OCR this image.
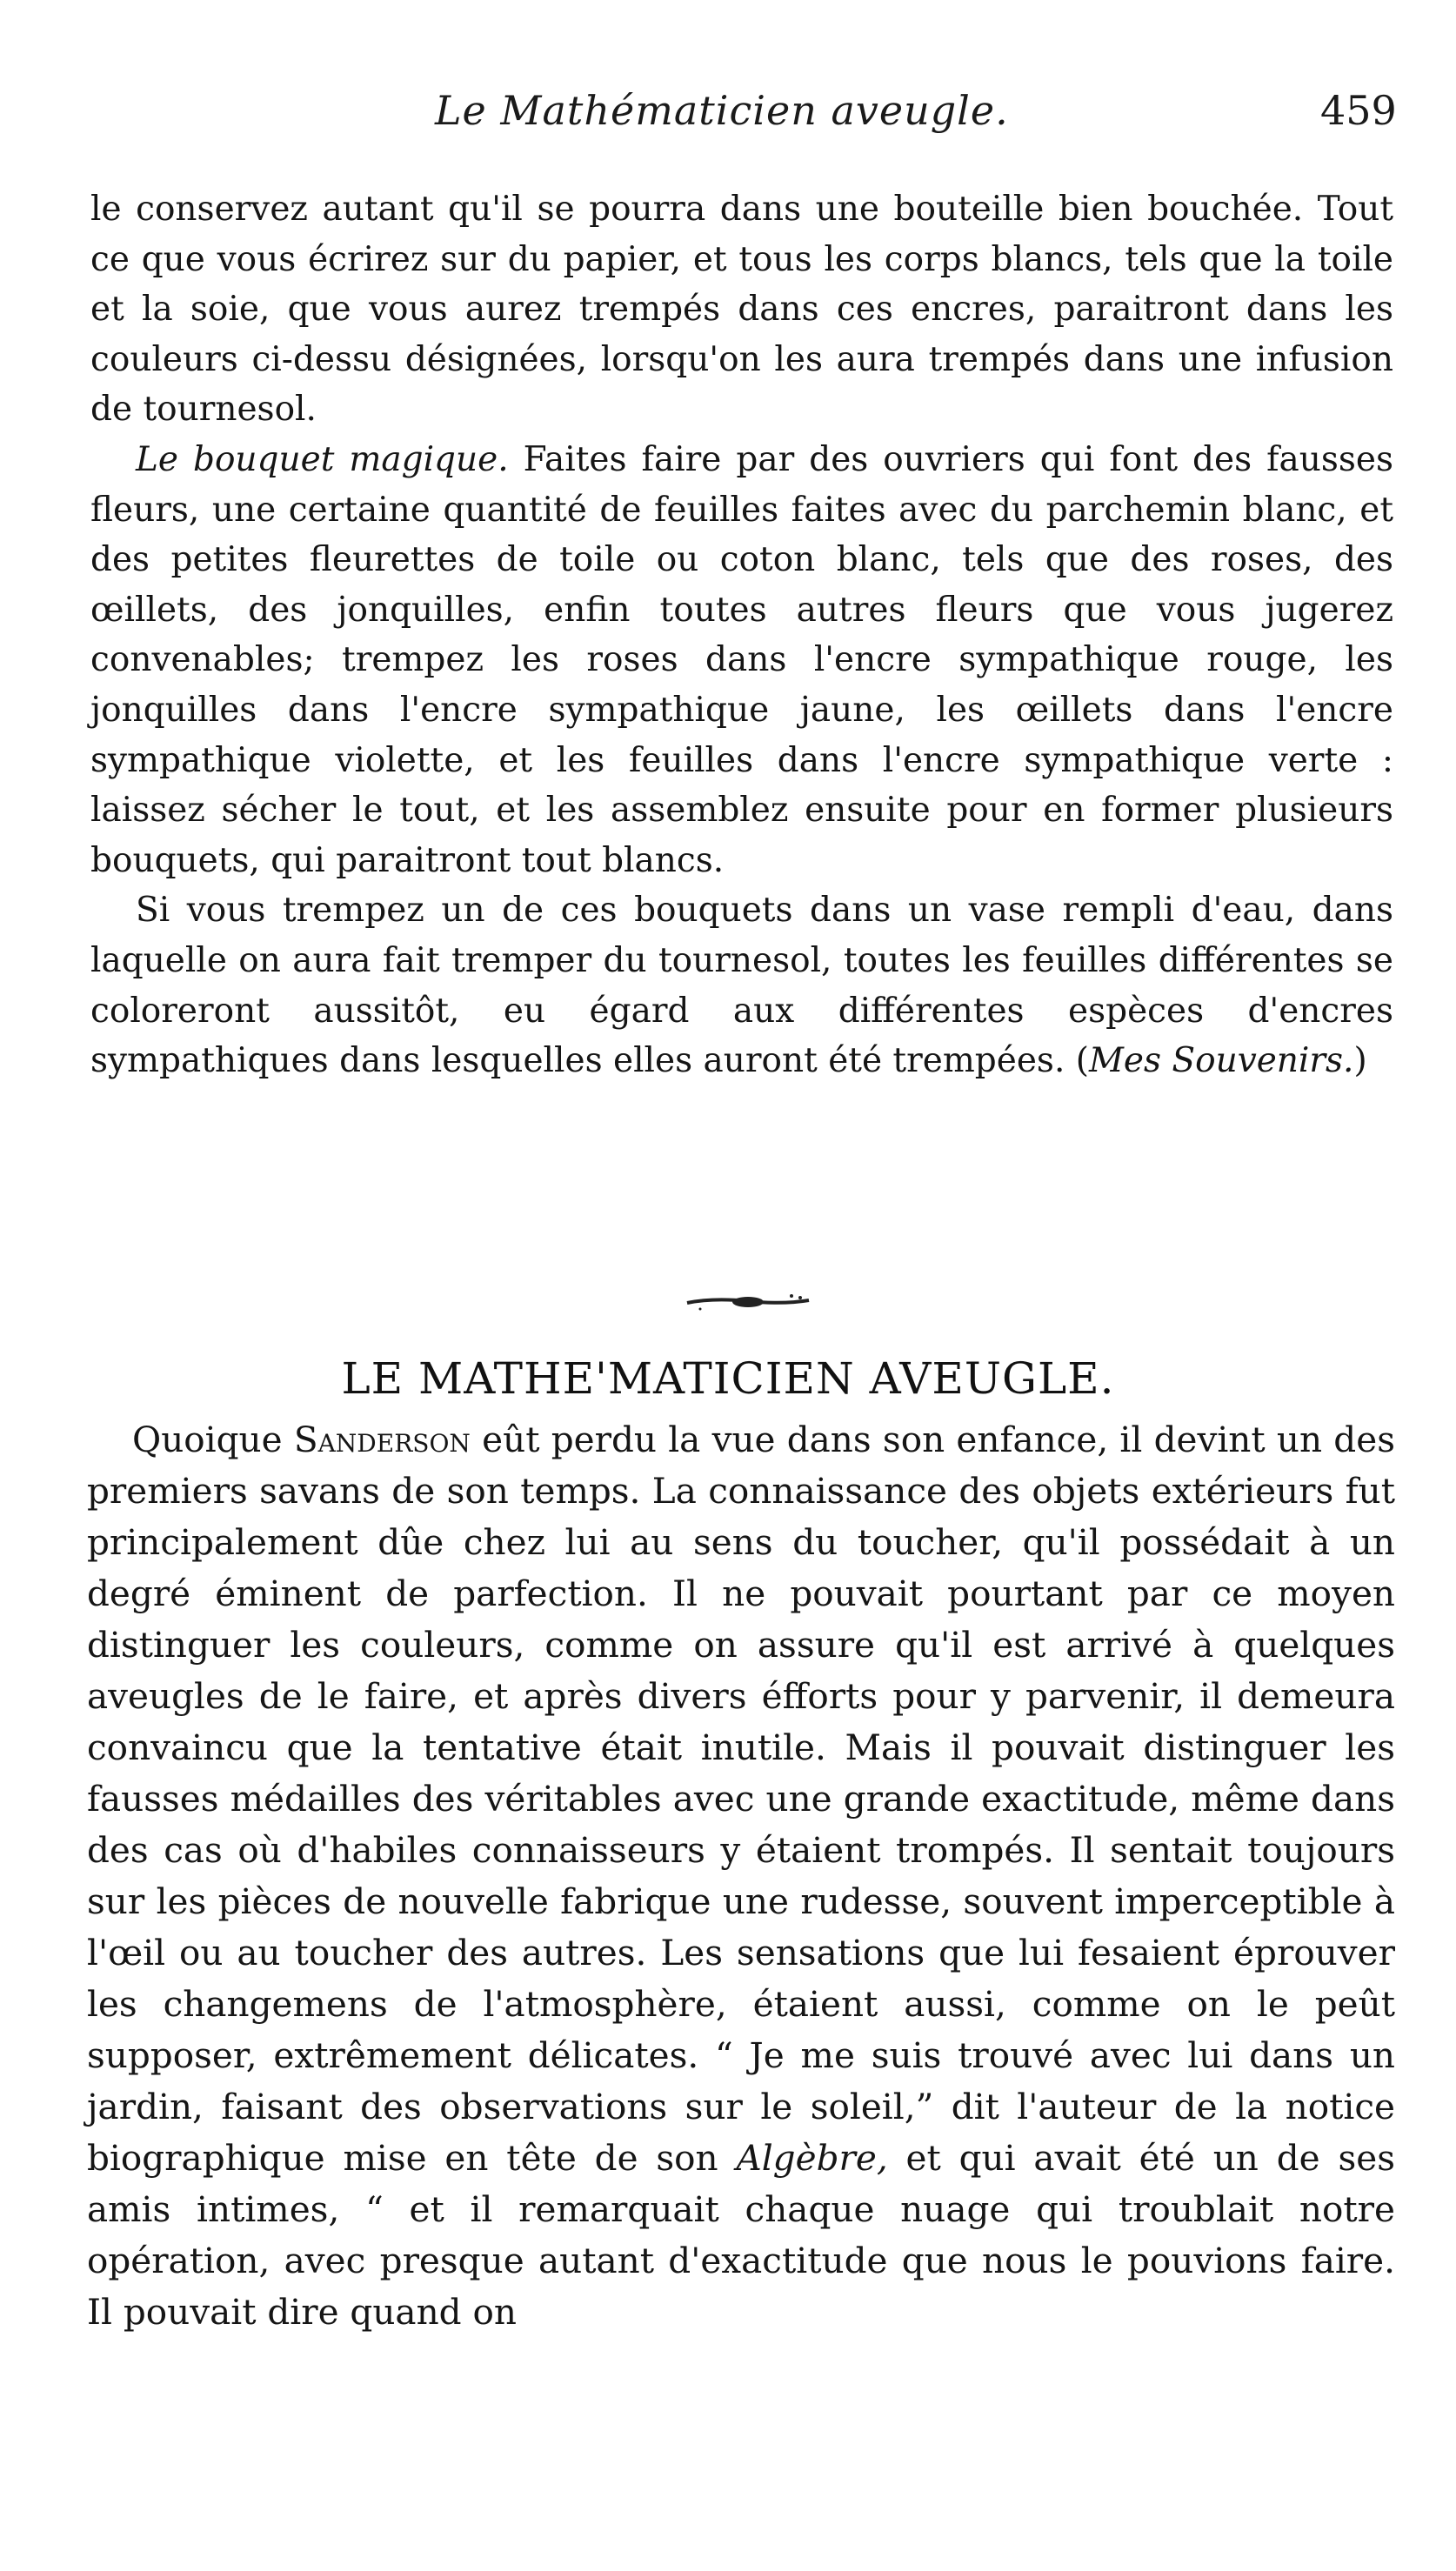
Le Mathématicien aveugle.	459

le conservez autant qu'il se pourra dans une bouteille bien bouchée. Tout ce que vous écrirez sur du papier, et tous les corps blancs, tels que la toile et la soie, que vous aurez trempés dans ces encres, paraitront dans les couleurs ci-dessu désignées, lorsqu'on les aura trempés dans une infusion de tournesol.

Le bouquet magique. Faites faire par des ouvriers qui font des fausses fleurs, une certaine quantité de feuilles faites avec du parchemin blanc, et des petites fleurettes de toile ou coton blanc, tels que des roses, des œillets, des jonquilles, enfin toutes autres fleurs que vous jugerez convenables; trempez les roses dans l'encre sympathique rouge, les jonquilles dans l'encre sympathique jaune, les œillets dans l'encre sympathique violette, et les feuilles dans l'encre sympathique verte : laissez sécher le tout, et les assemblez ensuite pour en former plusieurs bouquets, qui paraitront tout blancs.

Si vous trempez un de ces bouquets dans un vase rempli d'eau, dans laquelle on aura fait tremper du tournesol, toutes les feuilles différentes se coloreront aussitôt, eu égard aux différentes espèces d'encres sympathiques dans lesquelles elles auront été trempées. (Mes Souvenirs.)

LE MATHE'MATICIEN AVEUGLE.

Quoique Sanderson eût perdu la vue dans son enfance, il devint un des premiers savans de son temps. La connaissance des objets extérieurs fut principalement dûe chez lui au sens du toucher, qu'il possédait à un degré éminent de parfection. Il ne pouvait pourtant par ce moyen distinguer les couleurs, comme on assure qu'il est arrivé à quelques aveugles de le faire, et après divers éfforts pour y parvenir, il demeura convaincu que la tentative était inutile. Mais il pouvait distinguer les fausses médailles des véritables avec une grande exactitude, même dans des cas où d'habiles connaisseurs y étaient trompés. Il sentait toujours sur les pièces de nouvelle fabrique une rudesse, souvent imperceptible à l'œil ou au toucher des autres. Les sensations que lui fesaient éprouver les changemens de l'atmosphère, étaient aussi, comme on le peût supposer, extrêmement délicates. “ Je me suis trouvé avec lui dans un jardin, faisant des observations sur le soleil,” dit l'auteur de la notice biographique mise en tête de son Algèbre, et qui avait été un de ses amis intimes, “ et il remarquait chaque nuage qui troublait notre opération, avec presque autant d'exactitude que nous le pouvions faire. Il pouvait dire quand on
